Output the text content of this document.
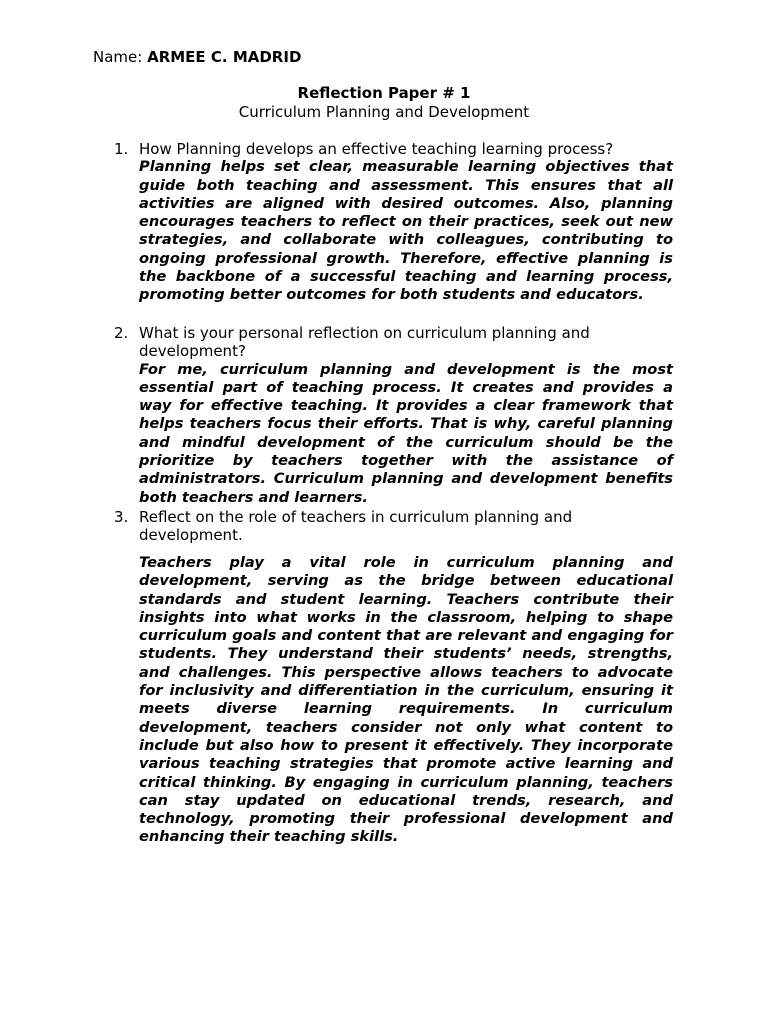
Name: ARMEE C. MADRID
Reflection Paper # 1
Curriculum Planning and Development
1. How Planning develops an effective teaching learning process?
Planning helps set clear, measurable learning objectives that guide both teaching and assessment. This ensures that all activities are aligned with desired outcomes. Also, planning encourages teachers to reflect on their practices, seek out new strategies, and collaborate with colleagues, contributing to ongoing professional growth. Therefore, effective planning is the backbone of a successful teaching and learning process, promoting better outcomes for both students and educators.
2. What is your personal reflection on curriculum planning and development?
For me, curriculum planning and development is the most essential part of teaching process. It creates and provides a way for effective teaching. It provides a clear framework that helps teachers focus their efforts. That is why, careful planning and mindful development of the curriculum should be the prioritize by teachers together with the assistance of administrators. Curriculum planning and development benefits both teachers and learners.
3. Reflect on the role of teachers in curriculum planning and development.
Teachers play a vital role in curriculum planning and development, serving as the bridge between educational standards and student learning. Teachers contribute their insights into what works in the classroom, helping to shape curriculum goals and content that are relevant and engaging for students. They understand their students’ needs, strengths, and challenges. This perspective allows teachers to advocate for inclusivity and differentiation in the curriculum, ensuring it meets diverse learning requirements. In curriculum development, teachers consider not only what content to include but also how to present it effectively. They incorporate various teaching strategies that promote active learning and critical thinking. By engaging in curriculum planning, teachers can stay updated on educational trends, research, and technology, promoting their professional development and enhancing their teaching skills.
